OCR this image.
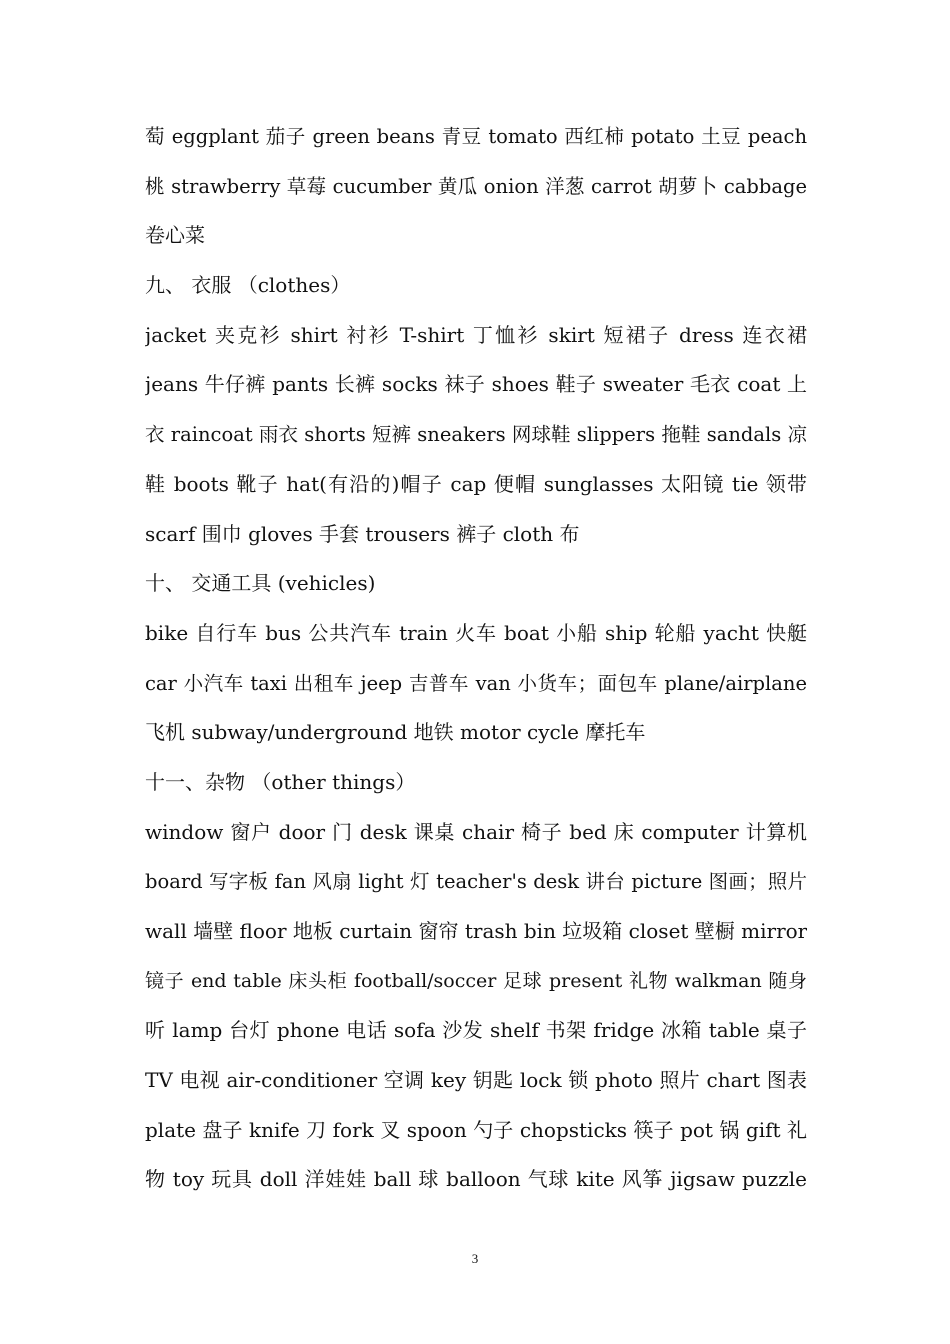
萄 eggplant 茄子 green beans 青豆 tomato 西红柿 potato 土豆 peach
桃 strawberry 草莓 cucumber 黄瓜 onion 洋葱 carrot 胡萝卜 cabbage
卷心菜
九、 衣服 （clothes）
jacket 夹克衫 shirt 衬衫 T-shirt 丁恤衫 skirt 短裙子 dress 连衣裙
jeans 牛仔裤 pants 长裤 socks 袜子 shoes 鞋子 sweater 毛衣 coat 上
衣 raincoat 雨衣 shorts 短裤 sneakers 网球鞋 slippers 拖鞋 sandals 凉
鞋 boots 靴子 hat(有沿的)帽子 cap 便帽 sunglasses 太阳镜 tie 领带
scarf 围巾 gloves 手套 trousers 裤子 cloth 布
十、 交通工具 (vehicles)
bike 自行车 bus 公共汽车 train 火车 boat 小船 ship 轮船 yacht 快艇
car 小汽车 taxi 出租车 jeep 吉普车 van 小货车；面包车 plane/airplane
飞机 subway/underground 地铁 motor cycle 摩托车
十一、杂物 （other things）
window 窗户 door 门 desk 课桌 chair 椅子 bed 床 computer 计算机
board 写字板 fan 风扇 light 灯 teacher's desk 讲台 picture 图画；照片
wall 墙壁 floor 地板 curtain 窗帘 trash bin 垃圾箱 closet 壁橱 mirror
镜子 end table 床头柜 football/soccer 足球 present 礼物 walkman 随身
听 lamp 台灯 phone 电话 sofa 沙发 shelf 书架 fridge 冰箱 table 桌子
TV 电视 air-conditioner 空调 key 钥匙 lock 锁 photo 照片 chart 图表
plate 盘子 knife 刀 fork 叉 spoon 勺子 chopsticks 筷子 pot 锅 gift 礼
物 toy 玩具 doll 洋娃娃 ball 球 balloon 气球 kite 风筝 jigsaw puzzle
3
